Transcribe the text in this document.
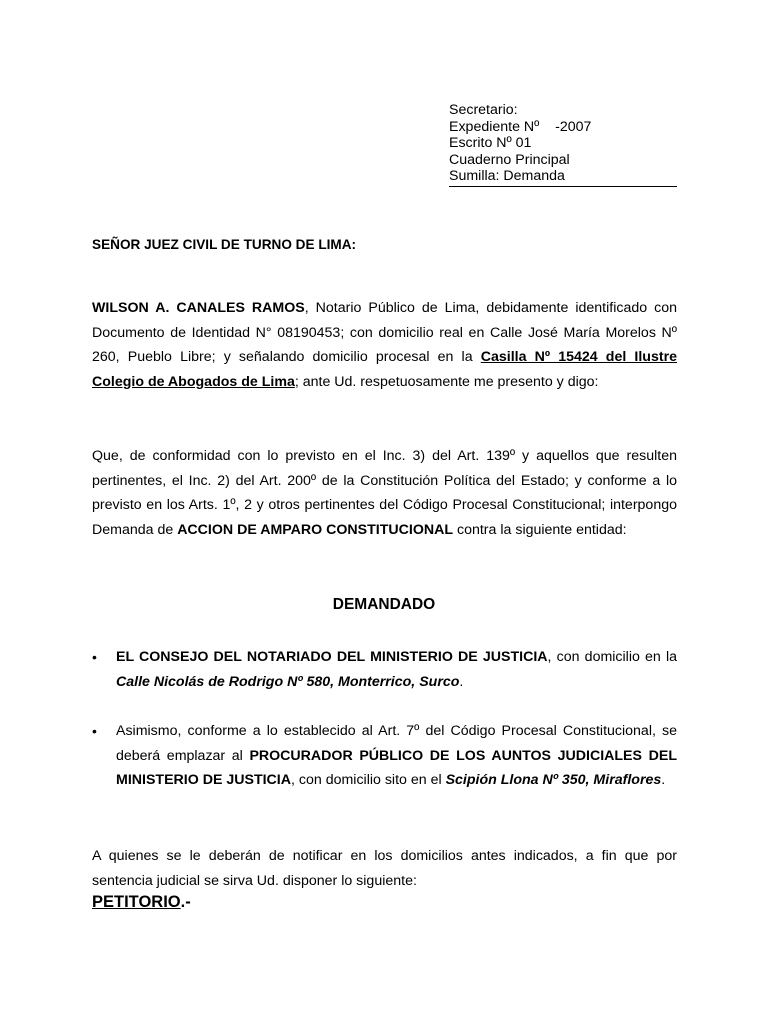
Secretario:
Expediente Nº    -2007
Escrito Nº 01
Cuaderno Principal
Sumilla: Demanda
SEÑOR JUEZ CIVIL DE TURNO DE LIMA:
WILSON A. CANALES RAMOS, Notario Público de Lima, debidamente identificado con Documento de Identidad N° 08190453; con domicilio real en Calle José María Morelos Nº 260, Pueblo Libre; y señalando domicilio procesal en la Casilla Nº 15424 del Ilustre Colegio de Abogados de Lima; ante Ud. respetuosamente me presento y digo:
Que, de conformidad con lo previsto en el Inc. 3) del Art. 139º y aquellos que resulten pertinentes, el Inc. 2) del Art. 200º de la Constitución Política del Estado; y conforme a lo previsto en los Arts. 1º, 2 y otros pertinentes del Código Procesal Constitucional; interpongo Demanda de ACCION DE AMPARO CONSTITUCIONAL contra la siguiente entidad:
DEMANDADO
• EL CONSEJO DEL NOTARIADO DEL MINISTERIO DE JUSTICIA, con domicilio en la Calle Nicolás de Rodrigo Nº 580, Monterrico, Surco.
• Asimismo, conforme a lo establecido al Art. 7º del Código Procesal Constitucional, se deberá emplazar al PROCURADOR PÚBLICO DE LOS AUNTOS JUDICIALES DEL MINISTERIO DE JUSTICIA, con domicilio sito en el Scipión Llona Nº 350, Miraflores.
A quienes se le deberán de notificar en los domicilios antes indicados, a fin que por sentencia judicial se sirva Ud. disponer lo siguiente:
PETITORIO.-
